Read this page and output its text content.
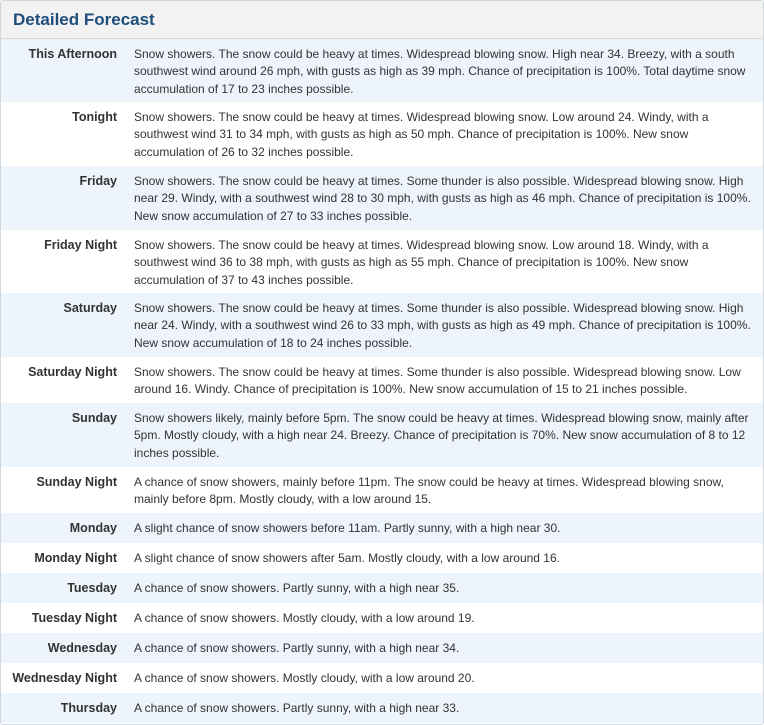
Detailed Forecast
This Afternoon	Snow showers. The snow could be heavy at times. Widespread blowing snow. High near 34. Breezy, with a south southwest wind around 26 mph, with gusts as high as 39 mph. Chance of precipitation is 100%. Total daytime snow accumulation of 17 to 23 inches possible.
Tonight	Snow showers. The snow could be heavy at times. Widespread blowing snow. Low around 24. Windy, with a southwest wind 31 to 34 mph, with gusts as high as 50 mph. Chance of precipitation is 100%. New snow accumulation of 26 to 32 inches possible.
Friday	Snow showers. The snow could be heavy at times. Some thunder is also possible. Widespread blowing snow. High near 29. Windy, with a southwest wind 28 to 30 mph, with gusts as high as 46 mph. Chance of precipitation is 100%. New snow accumulation of 27 to 33 inches possible.
Friday Night	Snow showers. The snow could be heavy at times. Widespread blowing snow. Low around 18. Windy, with a southwest wind 36 to 38 mph, with gusts as high as 55 mph. Chance of precipitation is 100%. New snow accumulation of 37 to 43 inches possible.
Saturday	Snow showers. The snow could be heavy at times. Some thunder is also possible. Widespread blowing snow. High near 24. Windy, with a southwest wind 26 to 33 mph, with gusts as high as 49 mph. Chance of precipitation is 100%. New snow accumulation of 18 to 24 inches possible.
Saturday Night	Snow showers. The snow could be heavy at times. Some thunder is also possible. Widespread blowing snow. Low around 16. Windy. Chance of precipitation is 100%. New snow accumulation of 15 to 21 inches possible.
Sunday	Snow showers likely, mainly before 5pm. The snow could be heavy at times. Widespread blowing snow, mainly after 5pm. Mostly cloudy, with a high near 24. Breezy. Chance of precipitation is 70%. New snow accumulation of 8 to 12 inches possible.
Sunday Night	A chance of snow showers, mainly before 11pm. The snow could be heavy at times. Widespread blowing snow, mainly before 8pm. Mostly cloudy, with a low around 15.
Monday	A slight chance of snow showers before 11am. Partly sunny, with a high near 30.
Monday Night	A slight chance of snow showers after 5am. Mostly cloudy, with a low around 16.
Tuesday	A chance of snow showers. Partly sunny, with a high near 35.
Tuesday Night	A chance of snow showers. Mostly cloudy, with a low around 19.
Wednesday	A chance of snow showers. Partly sunny, with a high near 34.
Wednesday Night	A chance of snow showers. Mostly cloudy, with a low around 20.
Thursday	A chance of snow showers. Partly sunny, with a high near 33.
